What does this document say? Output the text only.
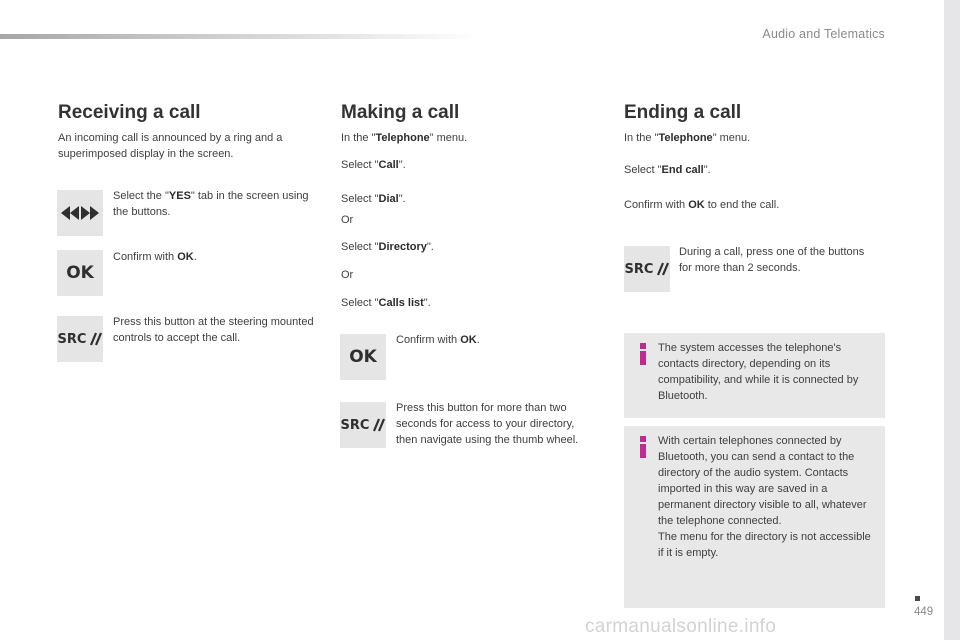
Audio and Telematics
Receiving a call
An incoming call is announced by a ring and a superimposed display in the screen.
Select the "YES" tab in the screen using the buttons.
OK
Confirm with OK.
SRC
Press this button at the steering mounted controls to accept the call.
Making a call
In the "Telephone" menu.
Select "Call".
Select "Dial".
Or
Select "Directory".
Or
Select "Calls list".
OK
Confirm with OK.
SRC
Press this button for more than two seconds for access to your directory, then navigate using the thumb wheel.
Ending a call
In the "Telephone" menu.
Select "End call".
Confirm with OK to end the call.
SRC
During a call, press one of the buttons for more than 2 seconds.
The system accesses the telephone's contacts directory, depending on its compatibility, and while it is connected by Bluetooth.
With certain telephones connected by Bluetooth, you can send a contact to the directory of the audio system. Contacts imported in this way are saved in a permanent directory visible to all, whatever the telephone connected.
The menu for the directory is not accessible if it is empty.
449
carmanualsonline.info
